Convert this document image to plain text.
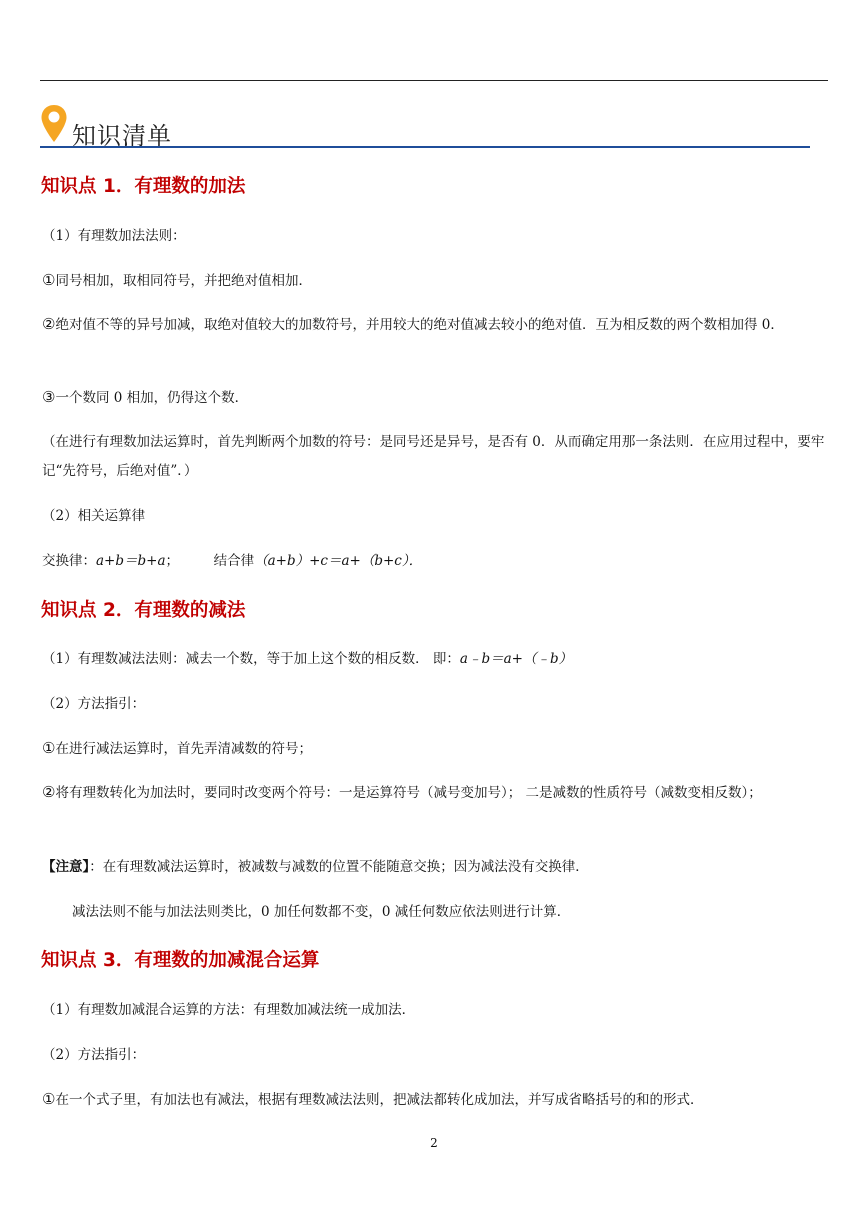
知识清单
知识点 1．有理数的加法
（1）有理数加法法则：
①同号相加，取相同符号，并把绝对值相加．
②绝对值不等的异号加减，取绝对值较大的加数符号，并用较大的绝对值减去较小的绝对值．互为相反数的两个数相加得 0．
③一个数同 0 相加，仍得这个数．
（在进行有理数加法运算时，首先判断两个加数的符号：是同号还是异号，是否有 0．从而确定用那一条法则．在应用过程中，要牢记“先符号，后绝对值”．）
（2）相关运算律
交换律：a+b＝b+a；	结合律（a+b）+c＝a+（b+c）．
知识点 2．有理数的减法
（1）有理数减法法则：减去一个数，等于加上这个数的相反数． 即：a﹣b＝a+（﹣b）
（2）方法指引：
①在进行减法运算时，首先弄清减数的符号；
②将有理数转化为加法时，要同时改变两个符号：一是运算符号（减号变加号）； 二是减数的性质符号（减数变相反数）；
【注意】：在有理数减法运算时，被减数与减数的位置不能随意交换；因为减法没有交换律．
减法法则不能与加法法则类比，0 加任何数都不变，0 减任何数应依法则进行计算．
知识点 3．有理数的加减混合运算
（1）有理数加减混合运算的方法：有理数加减法统一成加法．
（2）方法指引：
①在一个式子里，有加法也有减法，根据有理数减法法则，把减法都转化成加法，并写成省略括号的和的形式．
2
